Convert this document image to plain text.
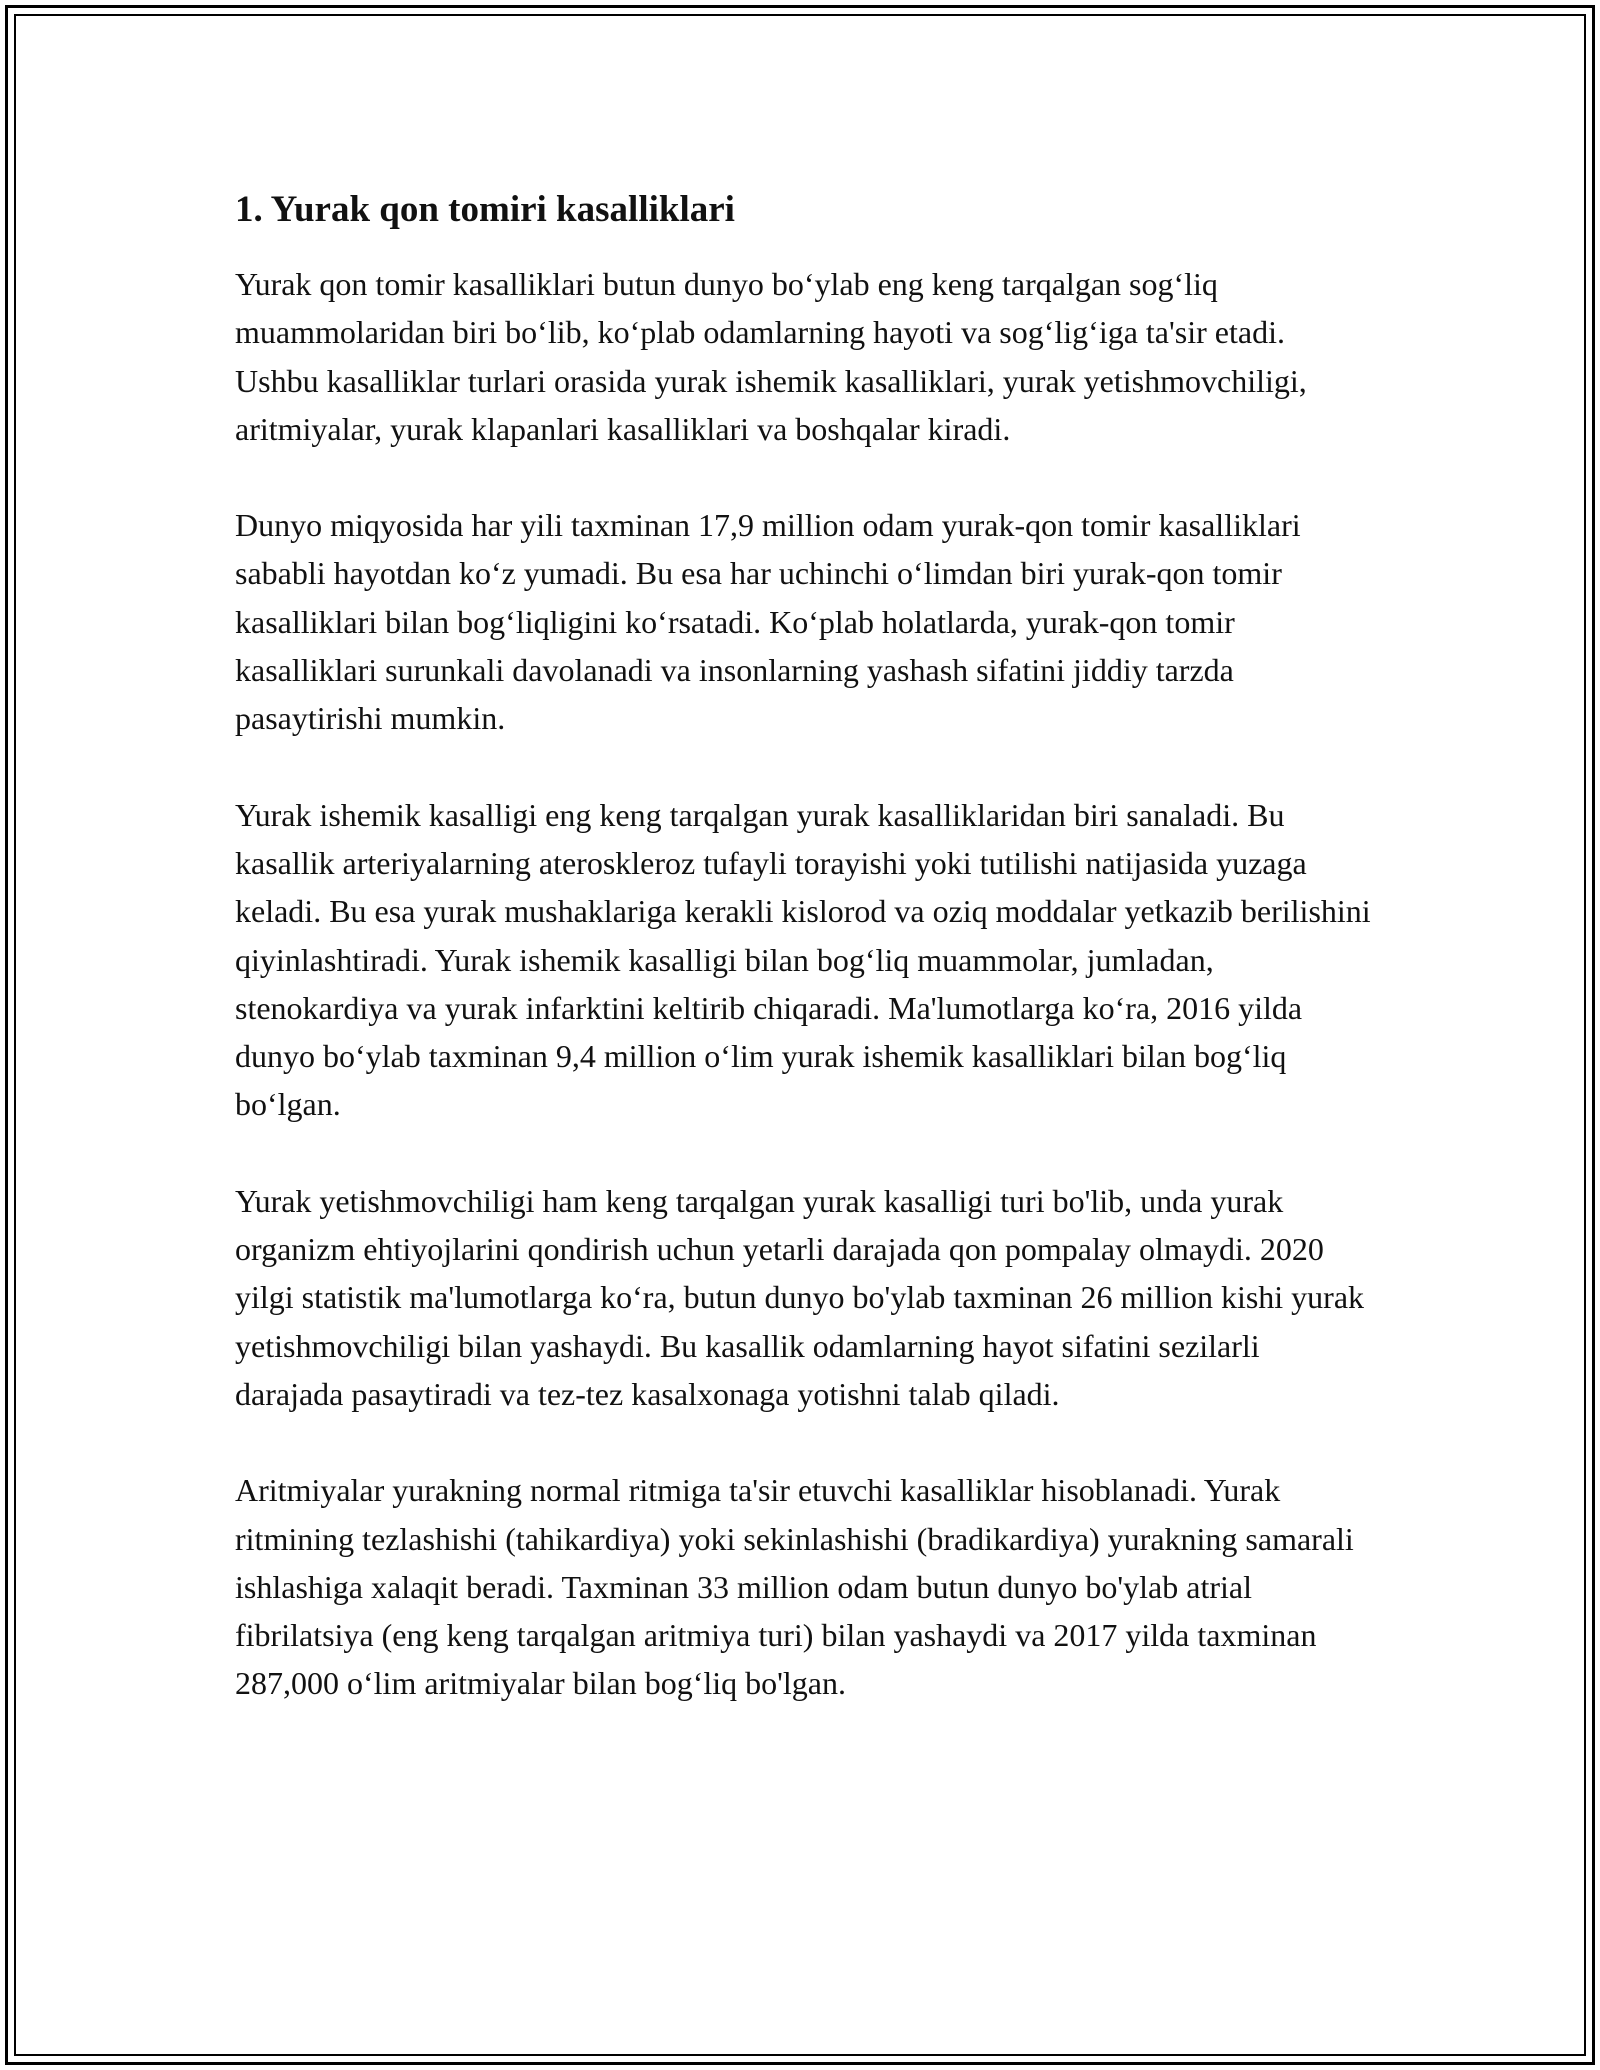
1. Yurak qon tomiri kasalliklari

Yurak qon tomir kasalliklari butun dunyo bo‘ylab eng keng tarqalgan sog‘liq muammolaridan biri bo‘lib, ko‘plab odamlarning hayoti va sog‘lig‘iga ta'sir etadi. Ushbu kasalliklar turlari orasida yurak ishemik kasalliklari, yurak yetishmovchiligi, aritmiyalar, yurak klapanlari kasalliklari va boshqalar kiradi.

Dunyo miqyosida har yili taxminan 17,9 million odam yurak-qon tomir kasalliklari sababli hayotdan ko‘z yumadi. Bu esa har uchinchi o‘limdan biri yurak-qon tomir kasalliklari bilan bog‘liqligini ko‘rsatadi. Ko‘plab holatlarda, yurak-qon tomir kasalliklari surunkali davolanadi va insonlarning yashash sifatini jiddiy tarzda pasaytirishi mumkin.

Yurak ishemik kasalligi eng keng tarqalgan yurak kasalliklaridan biri sanaladi. Bu kasallik arteriyalarning ateroskleroz tufayli torayishi yoki tutilishi natijasida yuzaga keladi. Bu esa yurak mushaklariga kerakli kislorod va oziq moddalar yetkazib berilishini qiyinlashtiradi. Yurak ishemik kasalligi bilan bog‘liq muammolar, jumladan, stenokardiya va yurak infarktini keltirib chiqaradi. Ma'lumotlarga ko‘ra, 2016 yilda dunyo bo‘ylab taxminan 9,4 million o‘lim yurak ishemik kasalliklari bilan bog‘liq bo‘lgan.

Yurak yetishmovchiligi ham keng tarqalgan yurak kasalligi turi bo'lib, unda yurak organizm ehtiyojlarini qondirish uchun yetarli darajada qon pompalay olmaydi. 2020 yilgi statistik ma'lumotlarga ko‘ra, butun dunyo bo'ylab taxminan 26 million kishi yurak yetishmovchiligi bilan yashaydi. Bu kasallik odamlarning hayot sifatini sezilarli darajada pasaytiradi va tez-tez kasalxonaga yotishni talab qiladi.

Aritmiyalar yurakning normal ritmiga ta'sir etuvchi kasalliklar hisoblanadi. Yurak ritmining tezlashishi (tahikardiya) yoki sekinlashishi (bradikardiya) yurakning samarali ishlashiga xalaqit beradi. Taxminan 33 million odam butun dunyo bo'ylab atrial fibrilatsiya (eng keng tarqalgan aritmiya turi) bilan yashaydi va 2017 yilda taxminan 287,000 o‘lim aritmiyalar bilan bog‘liq bo'lgan.
